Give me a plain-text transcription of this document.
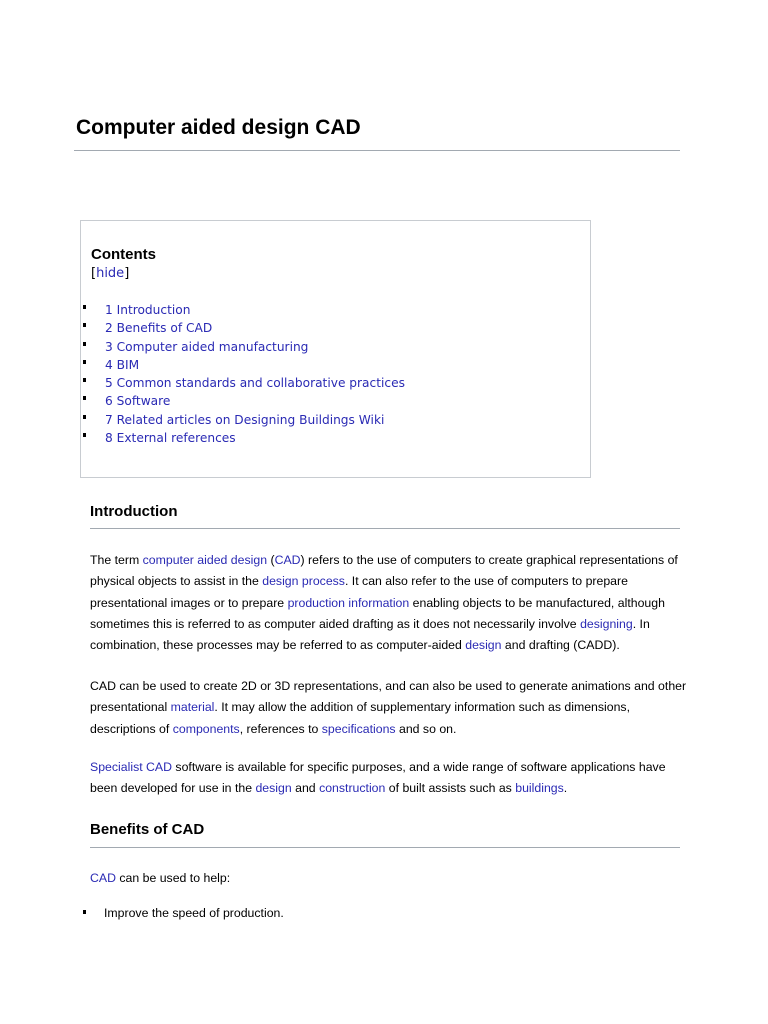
Computer aided design CAD
Contents
[hide]
1 Introduction
2 Benefits of CAD
3 Computer aided manufacturing
4 BIM
5 Common standards and collaborative practices
6 Software
7 Related articles on Designing Buildings Wiki
8 External references
Introduction

The term computer aided design (CAD) refers to the use of computers to create graphical representations of physical objects to assist in the design process. It can also refer to the use of computers to prepare presentational images or to prepare production information enabling objects to be manufactured, although sometimes this is referred to as computer aided drafting as it does not necessarily involve designing. In combination, these processes may be referred to as computer-aided design and drafting (CADD).

CAD can be used to create 2D or 3D representations, and can also be used to generate animations and other presentational material. It may allow the addition of supplementary information such as dimensions, descriptions of components, references to specifications and so on.

Specialist CAD software is available for specific purposes, and a wide range of software applications have been developed for use in the design and construction of built assists such as buildings.

Benefits of CAD

CAD can be used to help:

Improve the speed of production.
